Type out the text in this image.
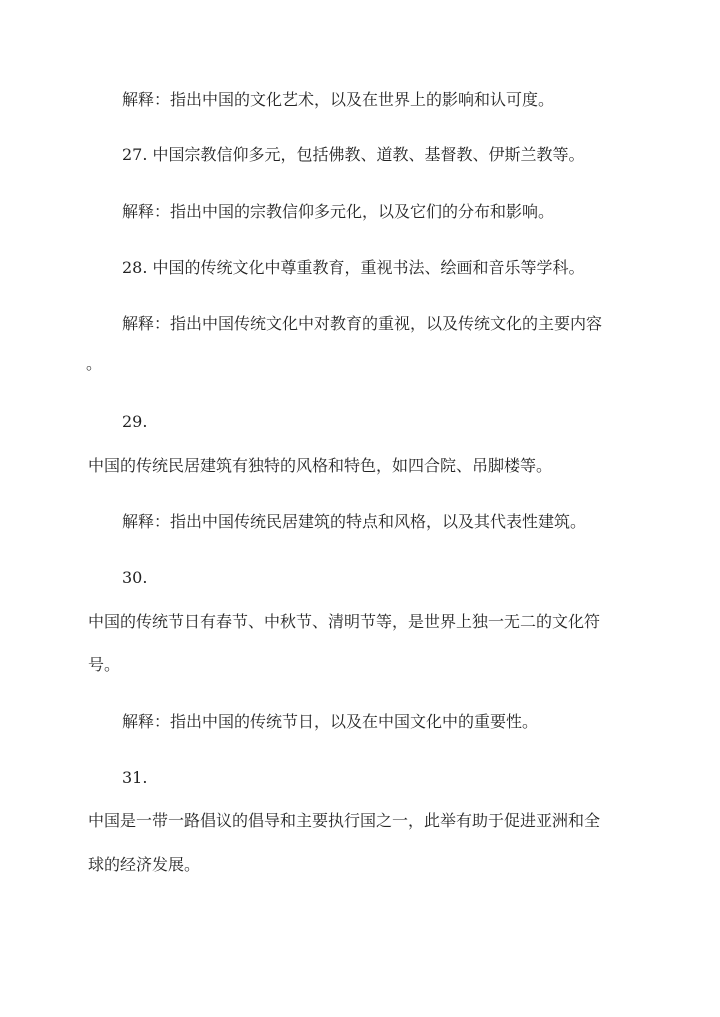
解释：指出中国的文化艺术，以及在世界上的影响和认可度。

27. 中国宗教信仰多元，包括佛教、道教、基督教、伊斯兰教等。

解释：指出中国的宗教信仰多元化，以及它们的分布和影响。

28. 中国的传统文化中尊重教育，重视书法、绘画和音乐等学科。

解释：指出中国传统文化中对教育的重视，以及传统文化的主要内容

。

29.

中国的传统民居建筑有独特的风格和特色，如四合院、吊脚楼等。

解释：指出中国传统民居建筑的特点和风格，以及其代表性建筑。

30.

中国的传统节日有春节、中秋节、清明节等，是世界上独一无二的文化符

号。

解释：指出中国的传统节日，以及在中国文化中的重要性。

31.

中国是一带一路倡议的倡导和主要执行国之一，此举有助于促进亚洲和全

球的经济发展。
